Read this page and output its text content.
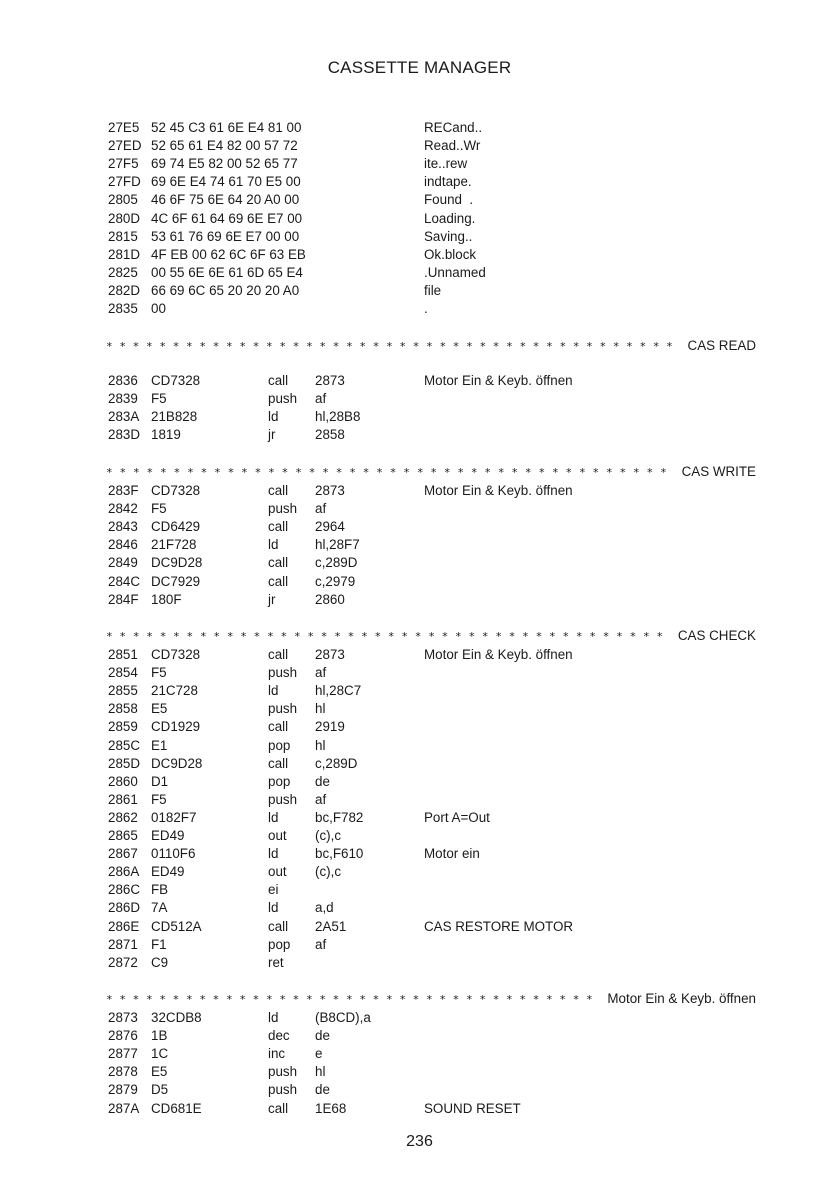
CASSETTE MANAGER
27E5 52 45 C3 61 6E E4 81 00	RECand..
27ED 52 65 61 E4 82 00 57 72	Read..Wr
27F5 69 74 E5 82 00 52 65 77	ite..rew
27FD 69 6E E4 74 61 70 E5 00	indtape.
2805 46 6F 75 6E 64 20 A0 00	Found  .
280D 4C 6F 61 64 69 6E E7 00	Loading.
2815 53 61 76 69 6E E7 00 00	Saving..
281D 4F EB 00 62 6C 6F 63 EB	Ok.block
2825 00 55 6E 6E 61 6D 65 E4	.Unnamed
282D 66 69 6C 65 20 20 20 A0	file
2835 00	.
CAS READ
*******************************************
2836 CD7328	call 2873	Motor Ein & Keyb. öffnen
2839 F5	push af
283A 21B828	ld	hl,28B8
283D 1819	jr	2858
CAS WRITE
******************************************
283F CD7328	call 2873	Motor Ein & Keyb. öffnen
2842 F5	push af
2843 CD6429	call 2964
2846 21F728	ld	hl,28F7
2849 DC9D28	call c,289D
284C DC7929	call c,2979
284F 180F	jr	2860
CAS CHECK
******************************************
2851 CD7328	call 2873	Motor Ein & Keyb. öffnen
2854 F5	push af
2855 21C728	ld	hl,28C7
2858 E5	push hl
2859 CD1929	call 2919
285C E1	pop hl
285D DC9D28	call c,289D
2860 D1	pop de
2861 F5	push af
2862 0182F7	ld	bc,F782	Port A=Out
2865 ED49	out (c),c
2867 0110F6	ld	bc,F610	Motor ein
286A ED49	out (c),c
286C FB	ei
286D 7A	ld	a,d
286E CD512A	call 2A51	CAS RESTORE MOTOR
2871 F1	pop af
2872 C9	ret
Motor Ein & Keyb. öffnen
*************************************
2873 32CDB8	ld	(B8CD),a
2876 1B	dec de
2877 1C	inc e
2878 E5	push hl
2879 D5	push de
287A CD681E	call 1E68	SOUND RESET
236
